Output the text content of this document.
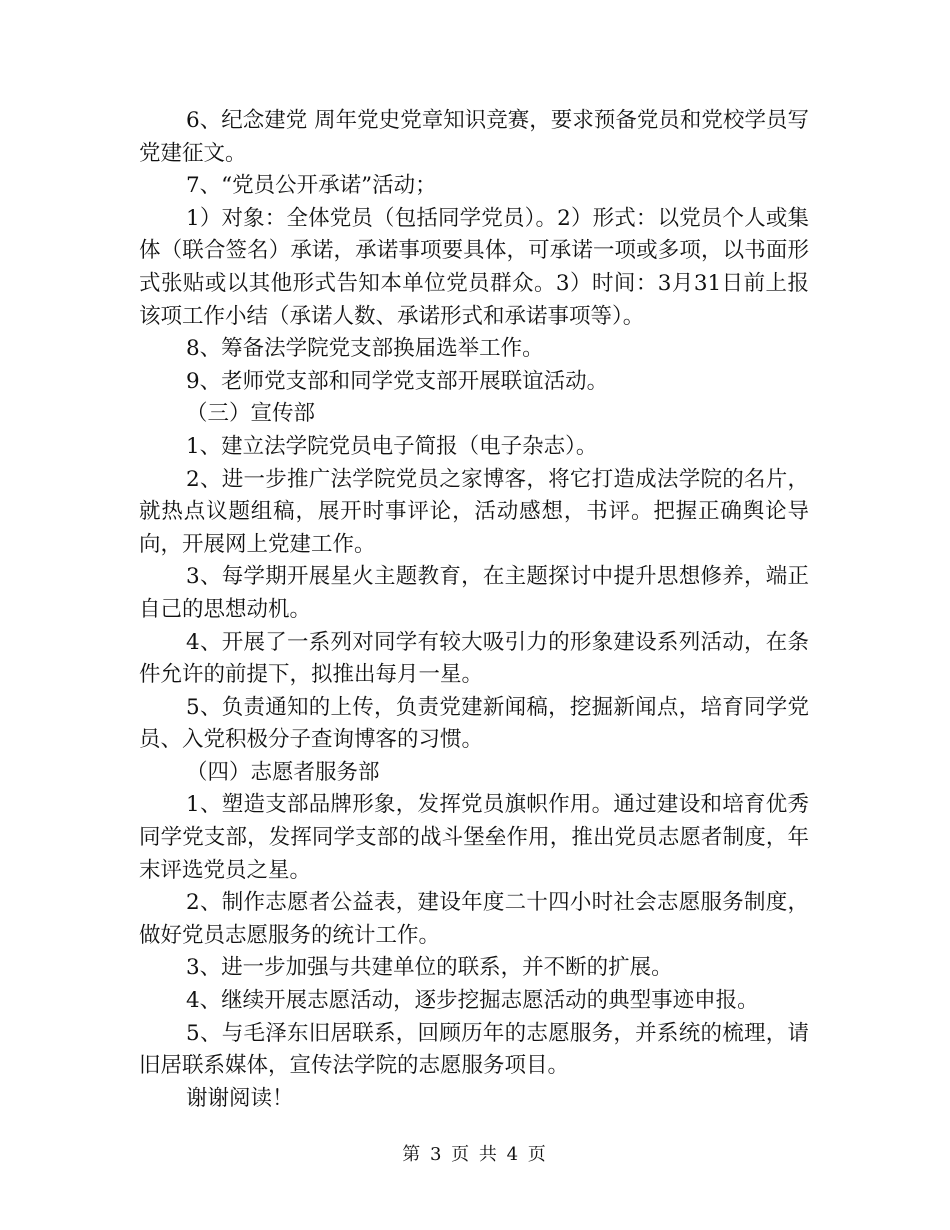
6、纪念建党 周年党史党章知识竞赛，要求预备党员和党校学员写党建征文。

7、“党员公开承诺”活动；

1）对象：全体党员（包括同学党员）。2）形式：以党员个人或集体（联合签名）承诺，承诺事项要具体，可承诺一项或多项，以书面形式张贴或以其他形式告知本单位党员群众。3）时间：3月31日前上报该项工作小结（承诺人数、承诺形式和承诺事项等）。

8、筹备法学院党支部换届选举工作。

9、老师党支部和同学党支部开展联谊活动。

（三）宣传部

1、建立法学院党员电子简报（电子杂志）。

2、进一步推广法学院党员之家博客，将它打造成法学院的名片，就热点议题组稿，展开时事评论，活动感想，书评。把握正确舆论导向，开展网上党建工作。

3、每学期开展星火主题教育，在主题探讨中提升思想修养，端正自己的思想动机。

4、开展了一系列对同学有较大吸引力的形象建设系列活动，在条件允许的前提下，拟推出每月一星。

5、负责通知的上传，负责党建新闻稿，挖掘新闻点，培育同学党员、入党积极分子查询博客的习惯。

（四）志愿者服务部

1、塑造支部品牌形象，发挥党员旗帜作用。通过建设和培育优秀同学党支部，发挥同学支部的战斗堡垒作用，推出党员志愿者制度，年末评选党员之星。

2、制作志愿者公益表，建设年度二十四小时社会志愿服务制度，做好党员志愿服务的统计工作。

3、进一步加强与共建单位的联系，并不断的扩展。

4、继续开展志愿活动，逐步挖掘志愿活动的典型事迹申报。

5、与毛泽东旧居联系，回顾历年的志愿服务，并系统的梳理，请旧居联系媒体，宣传法学院的志愿服务项目。

谢谢阅读！

第 3 页 共 4 页
